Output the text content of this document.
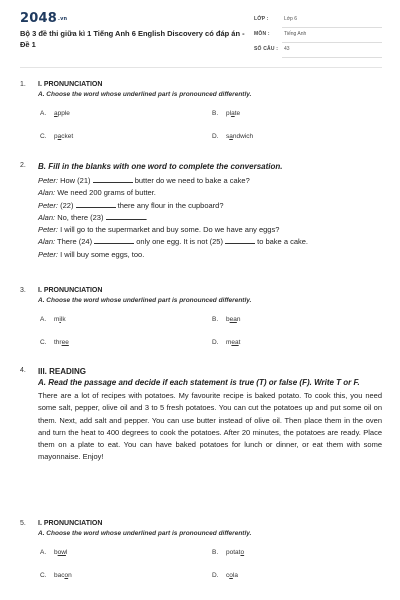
2048.vn
Bộ 3 đề thi giữa kì 1 Tiếng Anh 6 English Discovery có đáp án - Đề 1
LỚP :	Lớp 6
MÔN :	Tiếng Anh
SỐ CÂU : 43
1. I. PRONUNCIATION
A. Choose the word whose underlined part is pronounced differently.
A. apple	B. plate
C. packet	D. sandwich
2. B. Fill in the blanks with one word to complete the conversation.
Peter: How (21)	butter do we need to bake a cake?
Alan: We need 200 grams of butter.
Peter: (22)	there any flour in the cupboard?
Alan: No, there (23)	.
Peter: I will go to the supermarket and buy some. Do we have any eggs?
Alan: There (24)	only one egg. It is not (25)	to bake a cake.
Peter: I will buy some eggs, too.
3. I. PRONUNCIATION
A. Choose the word whose underlined part is pronounced differently.
A. milk	B. bean
C. three	D. meat
4. III. READING
A. Read the passage and decide if each statement is true (T) or false (F). Write T or F.
There are a lot of recipes with potatoes. My favourite recipe is baked potato. To cook this, you need some salt, pepper, olive oil and 3 to 5 fresh potatoes. You can cut the potatoes up and put some oil on them. Next, add salt and pepper. You can use butter instead of olive oil. Then place them in the oven and turn the heat to 400 degrees to cook the potatoes. After 20 minutes, the potatoes are ready. Place them on a plate to eat. You can have baked potatoes for lunch or dinner, or eat them with some mayonnaise. Enjoy!
5. I. PRONUNCIATION
A. Choose the word whose underlined part is pronounced differently.
A. bowl	B. potato
C. bacon	D. cola
